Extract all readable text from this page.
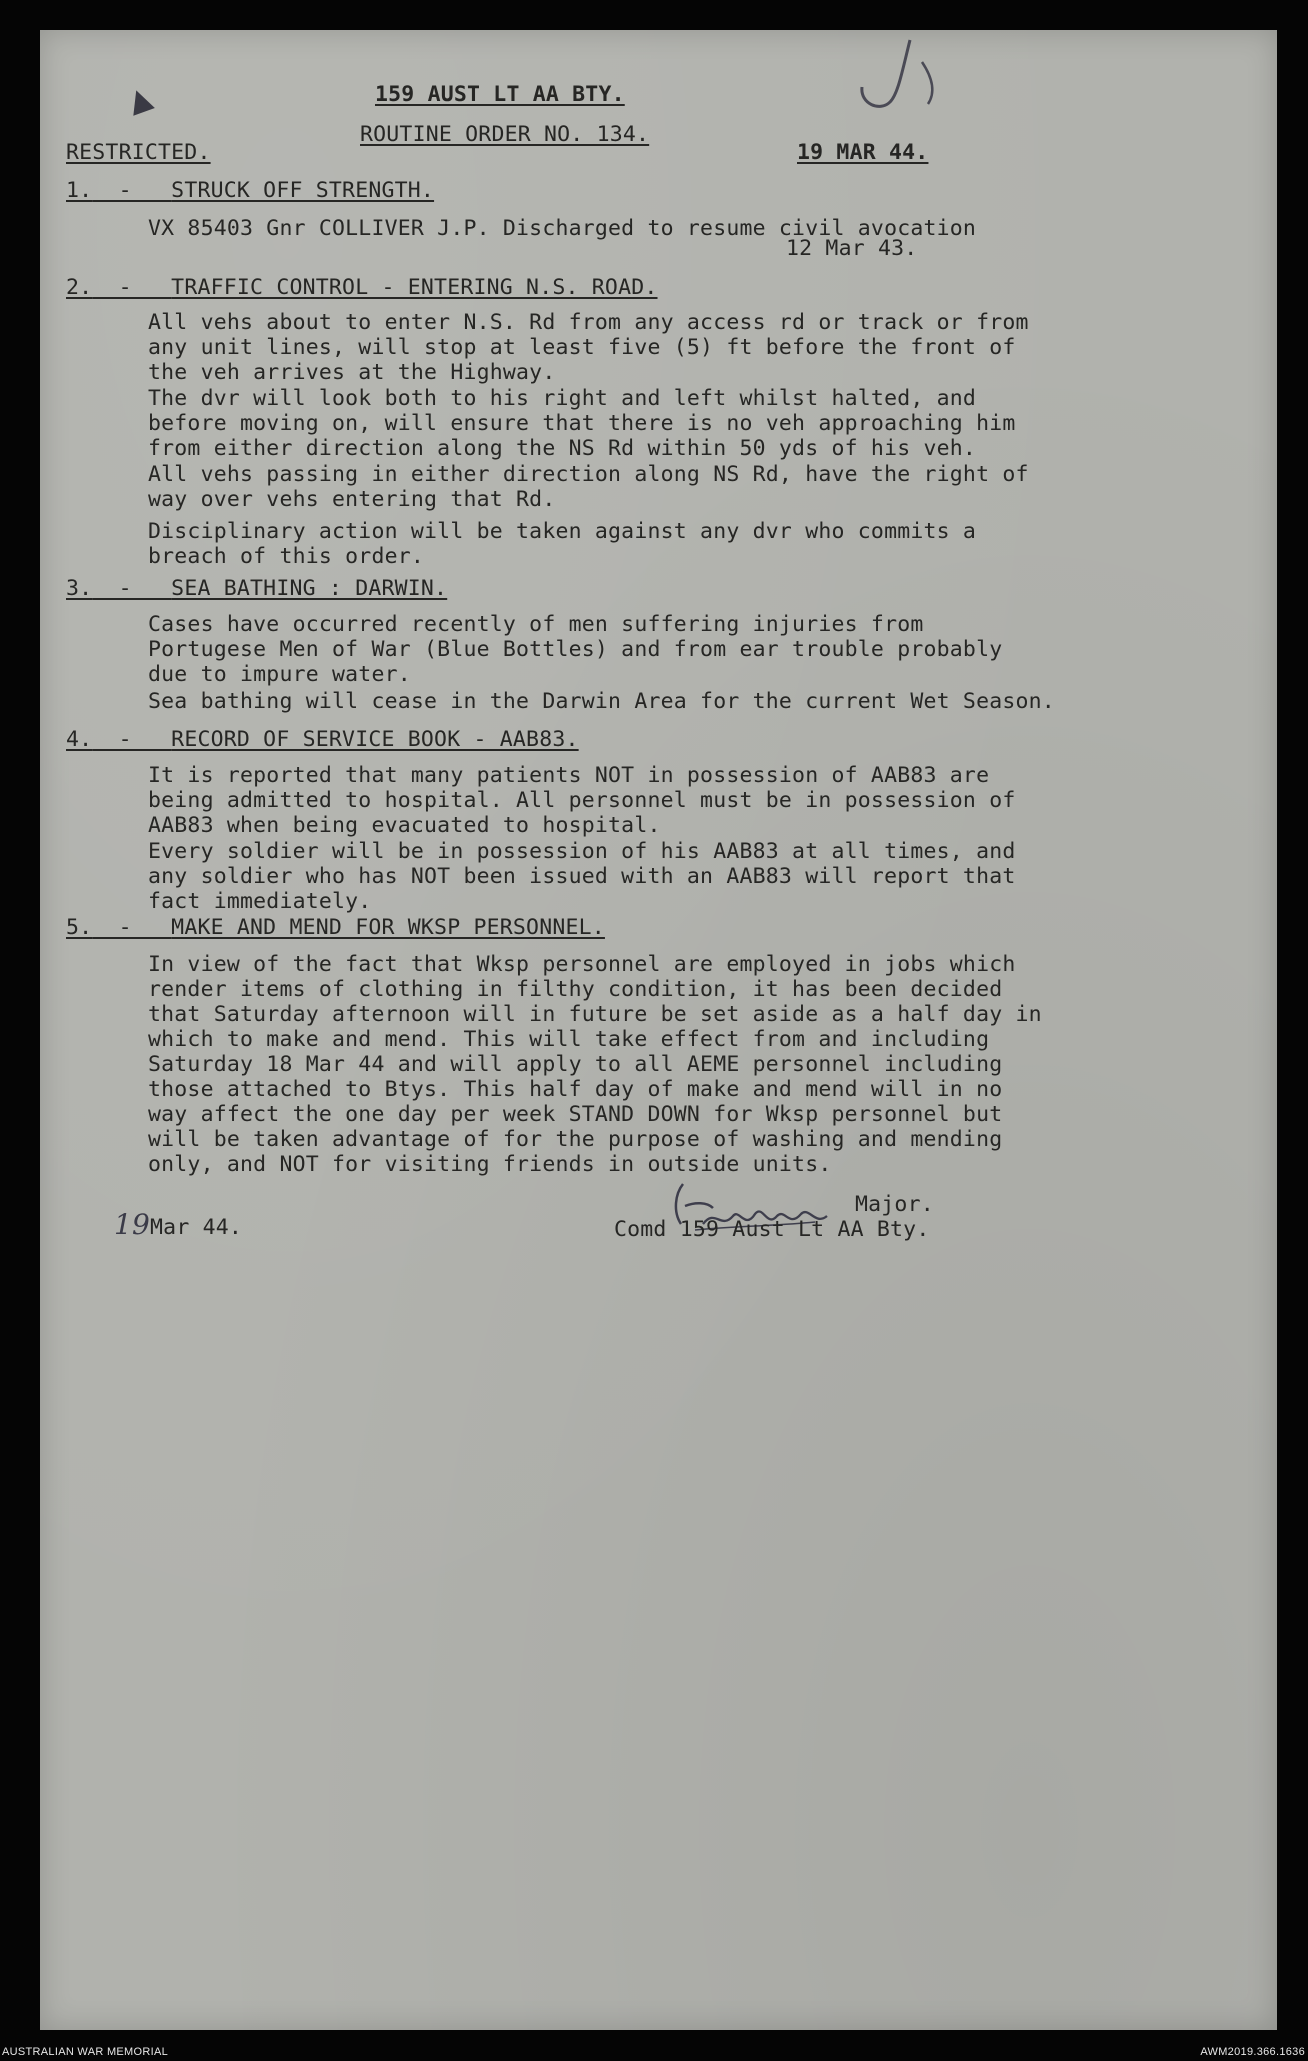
▲	159 AUST LT AA BTY.
ROUTINE ORDER NO. 134.
RESTRICTED.	19 MAR 44.
1.  -   STRUCK OFF STRENGTH.
VX 85403 Gnr COLLIVER J.P. Discharged to resume civil avocation
12 Mar 43.
2.  -   TRAFFIC CONTROL - ENTERING N.S. ROAD.
All vehs about to enter N.S. Rd from any access rd or track or from
any unit lines, will stop at least five (5) ft before the front of
the veh arrives at the Highway.
The dvr will look both to his right and left whilst halted, and
before moving on, will ensure that there is no veh approaching him
from either direction along the NS Rd within 50 yds of his veh.
All vehs passing in either direction along NS Rd, have the right of
way over vehs entering that Rd.
Disciplinary action will be taken against any dvr who commits a
breach of this order.
3.  -   SEA BATHING : DARWIN.
Cases have occurred recently of men suffering injuries from
Portugese Men of War (Blue Bottles) and from ear trouble probably
due to impure water.
Sea bathing will cease in the Darwin Area for the current Wet Season.
4.  -   RECORD OF SERVICE BOOK - AAB83.
It is reported that many patients NOT in possession of AAB83 are
being admitted to hospital. All personnel must be in possession of
AAB83 when being evacuated to hospital.
Every soldier will be in possession of his AAB83 at all times, and
any soldier who has NOT been issued with an AAB83 will report that
fact immediately.
5.  -   MAKE AND MEND FOR WKSP PERSONNEL.
In view of the fact that Wksp personnel are employed in jobs which
render items of clothing in filthy condition, it has been decided
that Saturday afternoon will in future be set aside as a half day in
which to make and mend. This will take effect from and including
Saturday 18 Mar 44 and will apply to all AEME personnel including
those attached to Btys. This half day of make and mend will in no
way affect the one day per week STAND DOWN for Wksp personnel but
will be taken advantage of for the purpose of washing and mending
only, and NOT for visiting friends in outside units.
19Mar 44.
Major.
Comd 159 Aust Lt AA Bty.
AUSTRALIAN WAR MEMORIAL	AWM2019.366.1636
